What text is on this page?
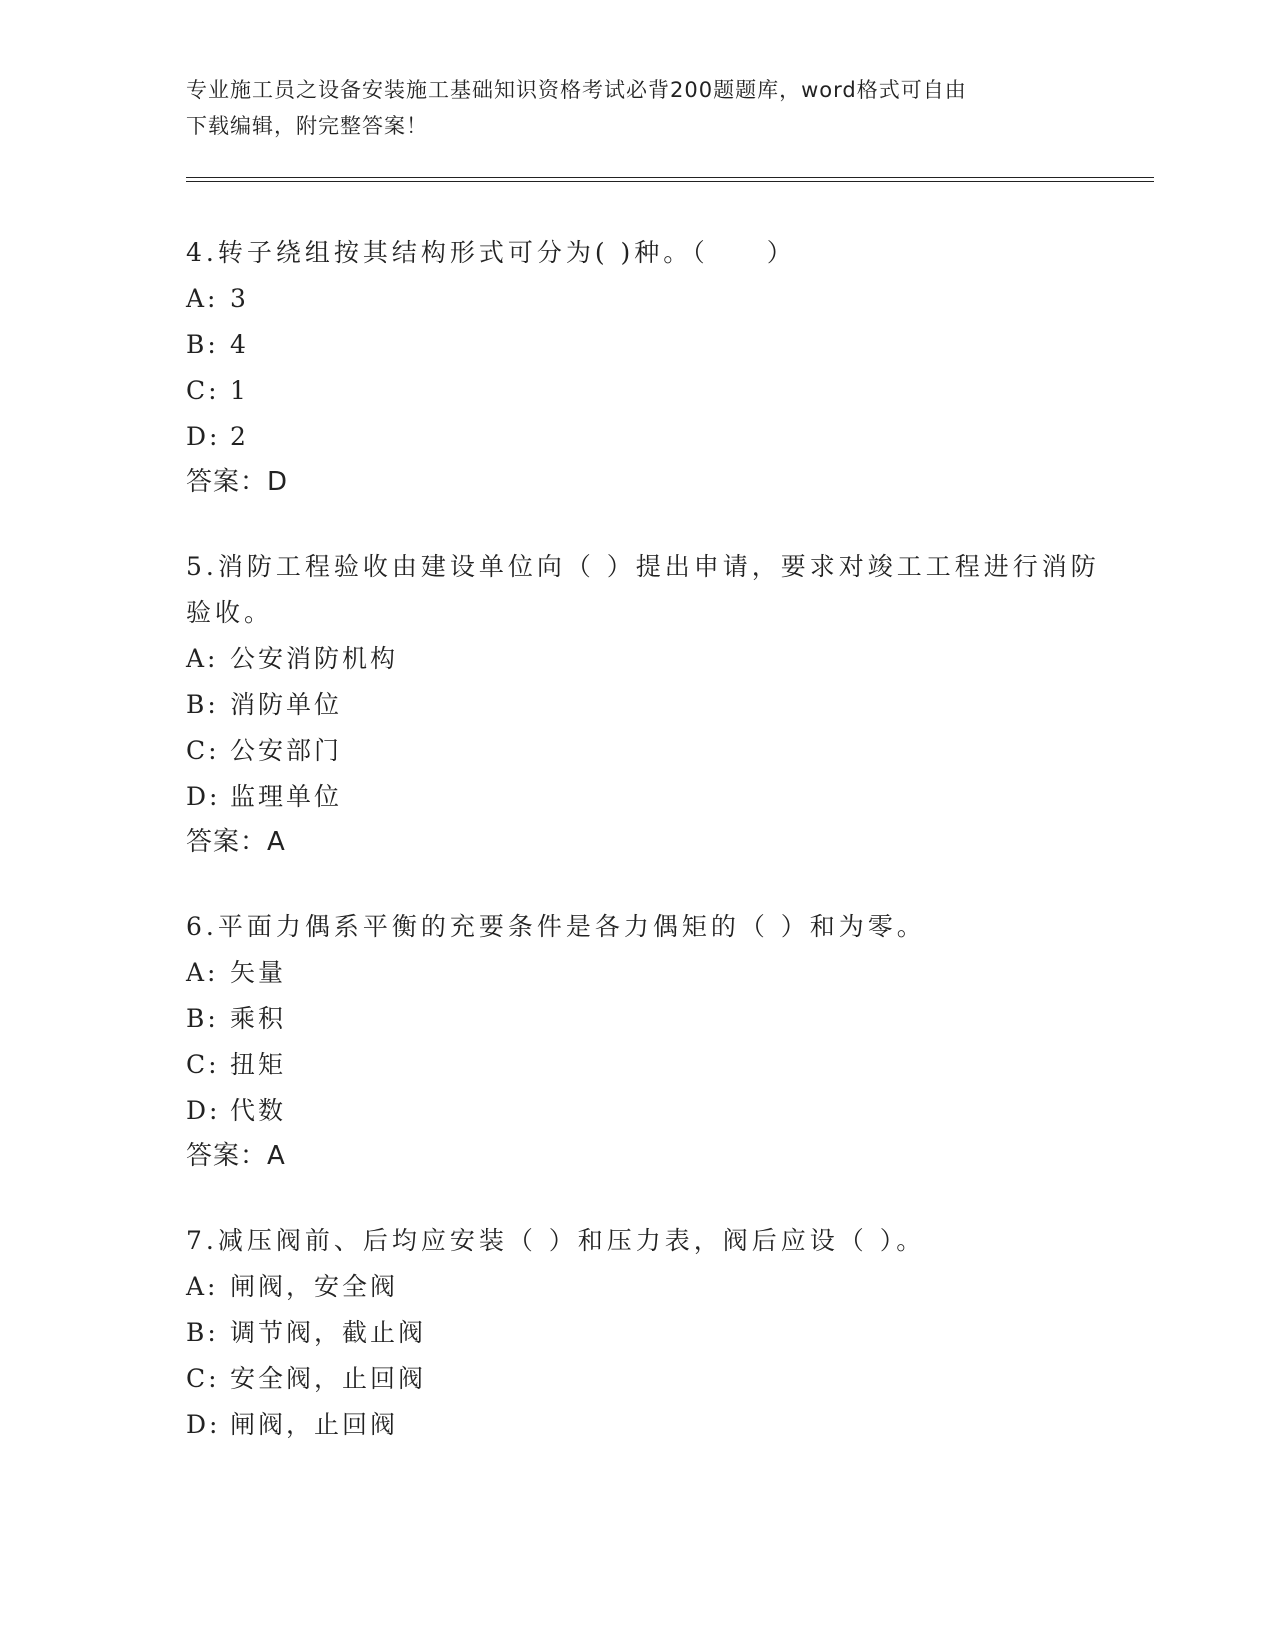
专业施工员之设备安装施工基础知识资格考试必背200题题库，word格式可自由
下载编辑，附完整答案！

4.转子绕组按其结构形式可分为( )种。（　　）

A: 3

B: 4

C: 1

D: 2

答案：D

5.消防工程验收由建设单位向（ ）提出申请，要求对竣工工程进行消防验收。

A: 公安消防机构

B: 消防单位

C: 公安部门

D: 监理单位

答案：A

6.平面力偶系平衡的充要条件是各力偶矩的（ ）和为零。

A: 矢量

B: 乘积

C: 扭矩

D: 代数

答案：A

7.减压阀前、后均应安装（ ）和压力表，阀后应设（ ）。

A: 闸阀，安全阀

B: 调节阀，截止阀

C: 安全阀，止回阀

D: 闸阀，止回阀
